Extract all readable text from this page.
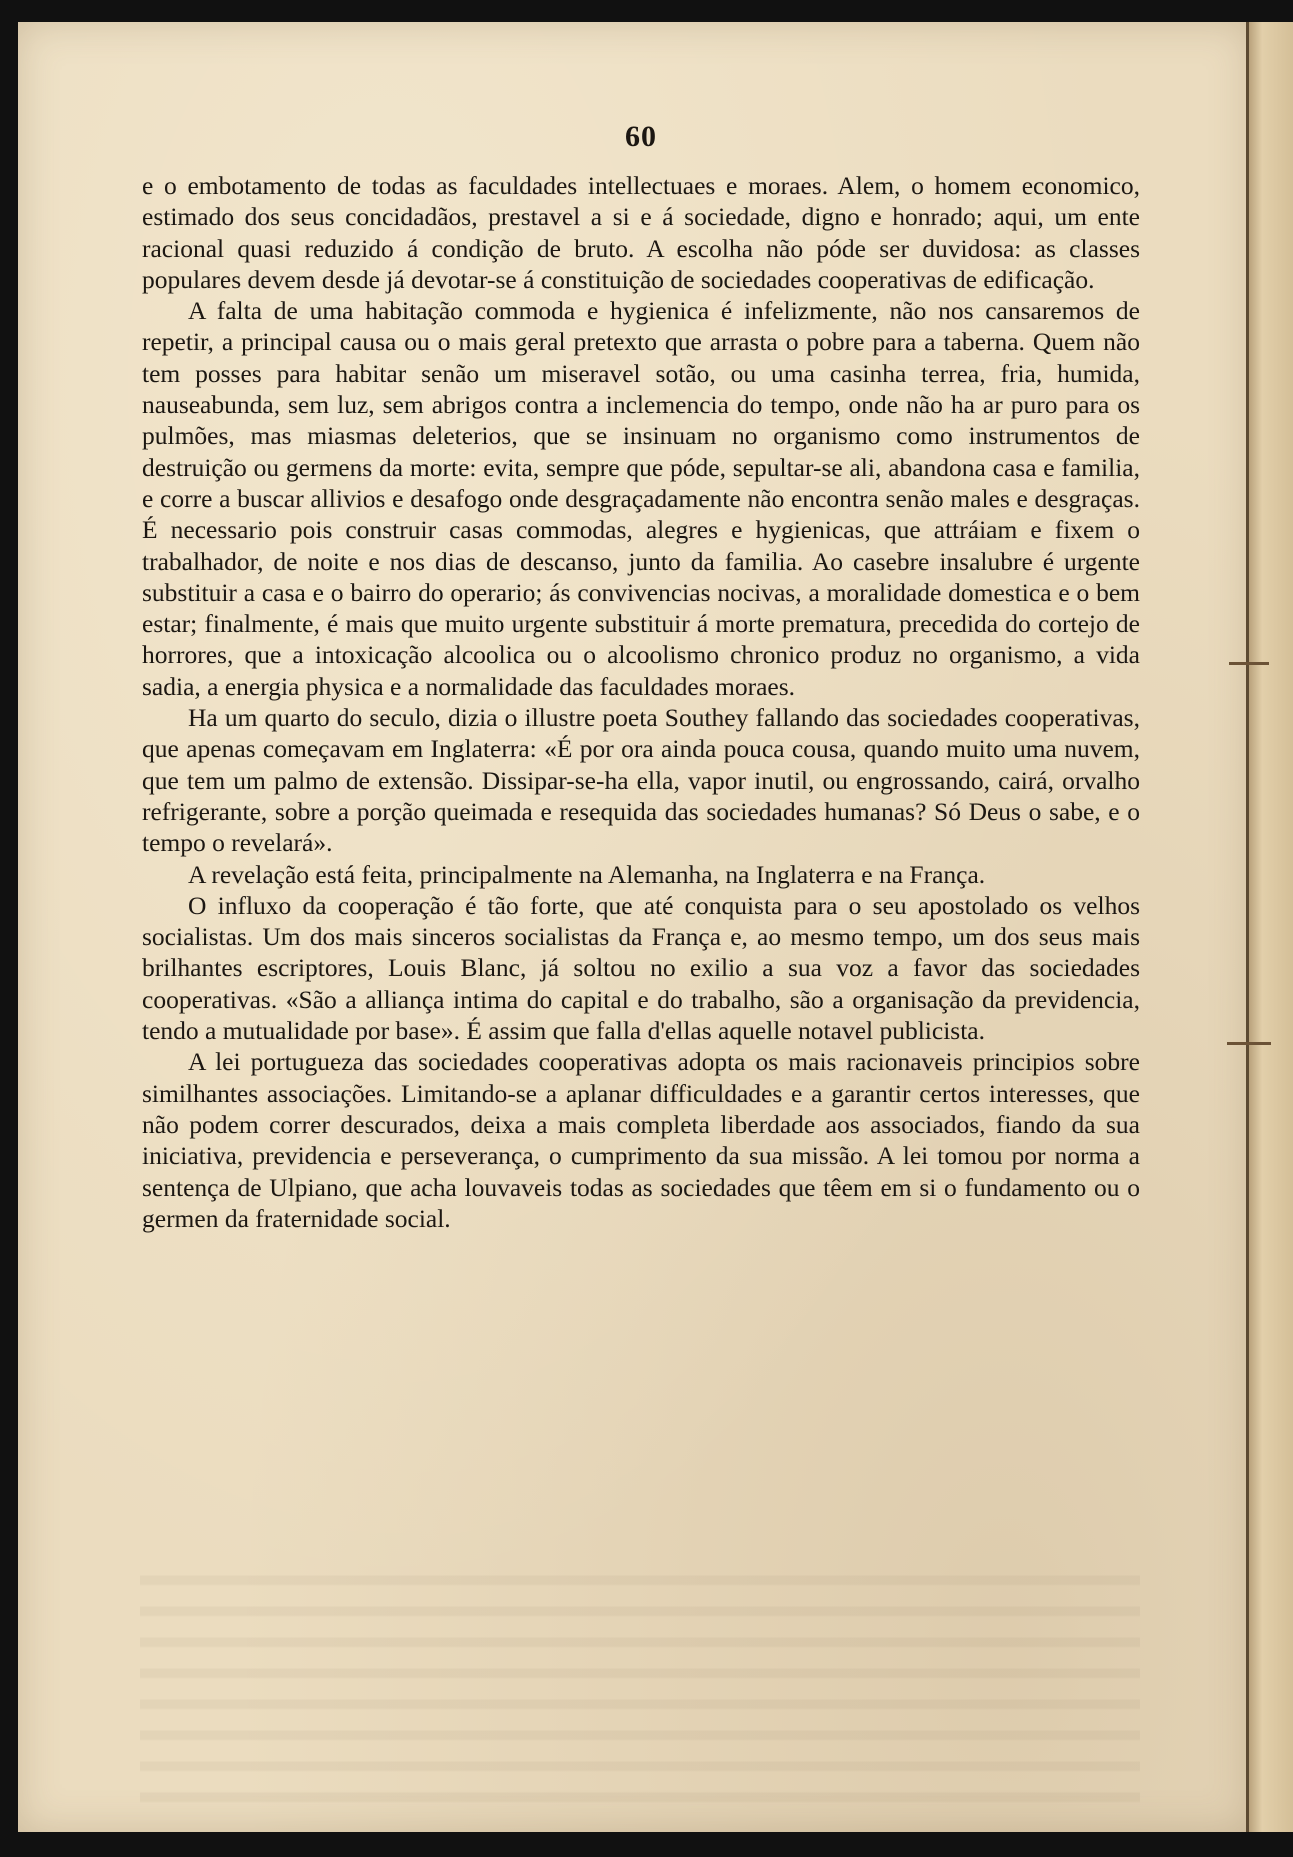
60

e o embotamento de todas as faculdades intellectuaes e moraes. Alem, o homem economico, estimado dos seus concidadãos, prestavel a si e á sociedade, digno e honrado; aqui, um ente racional quasi reduzido á condição de bruto. A escolha não póde ser duvidosa: as classes populares devem desde já devotar-se á constituição de sociedades cooperativas de edificação.

A falta de uma habitação commoda e hygienica é infelizmente, não nos cansaremos de repetir, a principal causa ou o mais geral pretexto que arrasta o pobre para a taberna. Quem não tem posses para habitar senão um miseravel sotão, ou uma casinha terrea, fria, humida, nauseabunda, sem luz, sem abrigos contra a inclemencia do tempo, onde não ha ar puro para os pulmões, mas miasmas deleterios, que se insinuam no organismo como instrumentos de destruição ou germens da morte: evita, sempre que póde, sepultar-se ali, abandona casa e familia, e corre a buscar allivios e desafogo onde desgraçadamente não encontra senão males e desgraças. É necessario pois construir casas commodas, alegres e hygienicas, que attráiam e fixem o trabalhador, de noite e nos dias de descanso, junto da familia. Ao casebre insalubre é urgente substituir a casa e o bairro do operario; ás convivencias nocivas, a moralidade domestica e o bem estar; finalmente, é mais que muito urgente substituir á morte prematura, precedida do cortejo de horrores, que a intoxicação alcoolica ou o alcoolismo chronico produz no organismo, a vida sadia, a energia physica e a normalidade das faculdades moraes.

Ha um quarto do seculo, dizia o illustre poeta Southey fallando das sociedades cooperativas, que apenas começavam em Inglaterra: «É por ora ainda pouca cousa, quando muito uma nuvem, que tem um palmo de extensão. Dissipar-se-ha ella, vapor inutil, ou engrossando, cairá, orvalho refrigerante, sobre a porção queimada e resequida das sociedades humanas? Só Deus o sabe, e o tempo o revelará».

A revelação está feita, principalmente na Alemanha, na Inglaterra e na França.

O influxo da cooperação é tão forte, que até conquista para o seu apostolado os velhos socialistas. Um dos mais sinceros socialistas da França e, ao mesmo tempo, um dos seus mais brilhantes escriptores, Louis Blanc, já soltou no exilio a sua voz a favor das sociedades cooperativas. «São a alliança intima do capital e do trabalho, são a organisação da previdencia, tendo a mutualidade por base». É assim que falla d'ellas aquelle notavel publicista.

A lei portugueza das sociedades cooperativas adopta os mais racionaveis principios sobre similhantes associações. Limitando-se a aplanar difficuldades e a garantir certos interesses, que não podem correr descurados, deixa a mais completa liberdade aos associados, fiando da sua iniciativa, previdencia e perseverança, o cumprimento da sua missão. A lei tomou por norma a sentença de Ulpiano, que acha louvaveis todas as sociedades que têem em si o fundamento ou o germen da fraternidade social.
